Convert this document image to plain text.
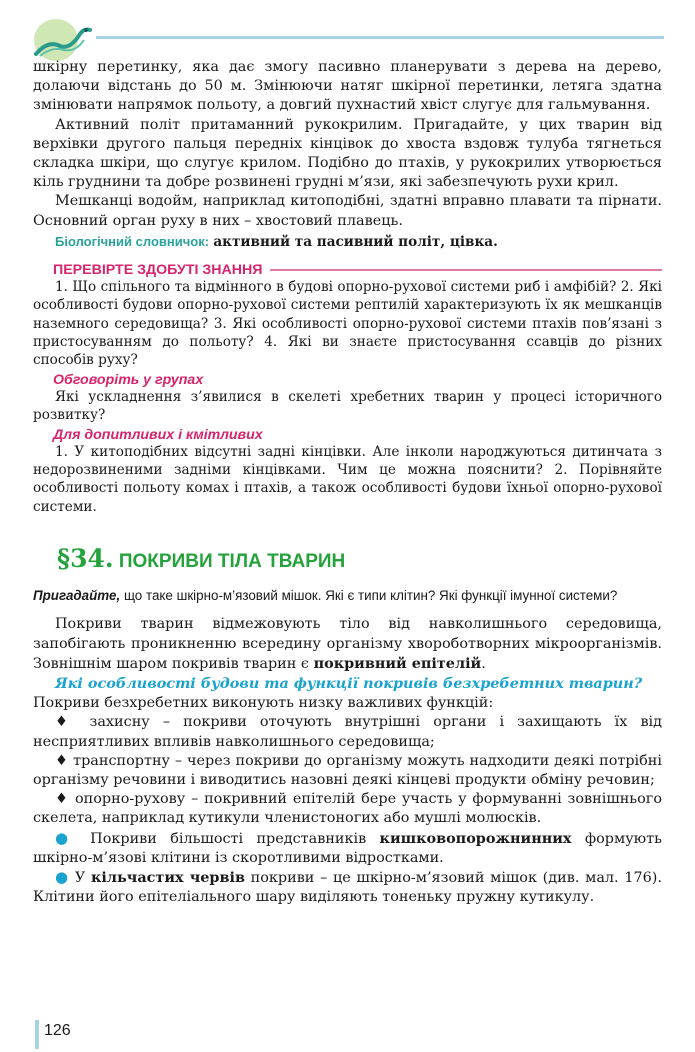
шкірну перетинку, яка дає змогу пасивно планерувати з дерева на дерево, долаючи відстань до 50 м. Змінюючи натяг шкірної перетинки, летяга здатна змінювати напрямок польоту, а довгий пухнастий хвіст слугує для гальмування.

Активний політ притаманний рукокрилим. Пригадайте, у цих тварин від верхівки другого пальця передніх кінцівок до хвоста вздовж тулуба тягнеться складка шкіри, що слугує крилом. Подібно до птахів, у рукокрилих утворюється кіль груднини та добре розвинені грудні м’язи, які забезпечують рухи крил.

Мешканці водойм, наприклад китоподібні, здатні вправно плавати та пірнати. Основний орган руху в них – хвостовий плавець.

Біологічний словничок: активний та пасивний політ, цівка.
ПЕРЕВІРТЕ ЗДОБУТІ ЗНАННЯ

1. Що спільного та відмінного в будові опорно-рухової системи риб і амфібій? 2. Які особливості будови опорно-рухової системи рептилій характеризують їх як мешканців наземного середовища? 3. Які особливості опорно-рухової системи птахів пов’язані з пристосуванням до польоту? 4. Які ви знаєте пристосування ссавців до різних способів руху?

Обговоріть у групах

Які ускладнення з’явилися в скелеті хребетних тварин у процесі історичного розвитку?

Для допитливих і кмітливих

1. У китоподібних відсутні задні кінцівки. Але інколи народжуються дитинчата з недорозвиненими задніми кінцівками. Чим це можна пояснити? 2. Порівняйте особливості польоту комах і птахів, а також особливості будови їхньої опорно-рухової системи.

§34. ПОКРИВИ ТІЛА ТВАРИН

Пригадайте, що таке шкірно-м’язовий мішок. Які є типи клітин? Які функції імунної системи?

Покриви тварин відмежовують тіло від навколишнього середовища, запобігають проникненню всередину організму хвороботворних мікроорганізмів. Зовнішнім шаром покривів тварин є покривний епітелій.

Які особливості будови та функції покривів безхребетних тварин?

Покриви безхребетних виконують низку важливих функцій:

♦ захисну – покриви оточують внутрішні органи і захищають їх від несприятливих впливів навколишнього середовища;

♦ транспортну – через покриви до організму можуть надходити деякі потрібні організму речовини і виводитись назовні деякі кінцеві продукти обміну речовин;

♦ опорно-рухову – покривний епітелій бере участь у формуванні зовнішнього скелета, наприклад кутикули членистоногих або мушлі молюсків.

● Покриви більшості представників кишковопорожнинних формують шкірно-м’язові клітини із скоротливими відростками.

● У кільчастих червів покриви – це шкірно-м’язовий мішок (див. мал. 176). Клітини його епітеліального шару виділяють тоненьку пружну кутикулу.

126
